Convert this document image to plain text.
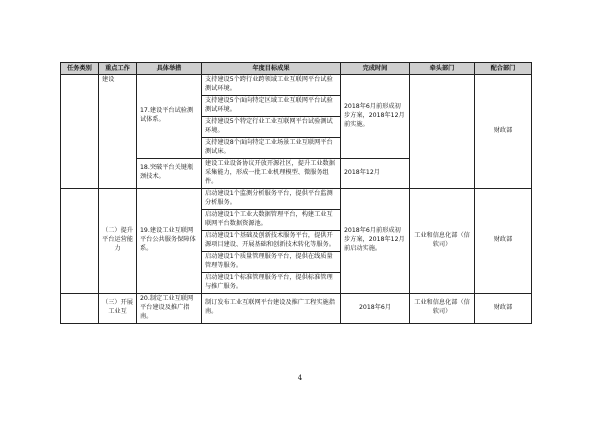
任务类别	重点工作	具体举措	年度目标成果	完成时间	牵头部门	配合部门
	建设	17.建设平台试验测试体系。	支持建设5个跨行业跨领域工业互联网平台试验测试环境。	2018年6月前形成初步方案，2018年12月前实施。		财政部
			支持建设5个面向特定区域工业互联网平台试验测试环境。			
			支持建设5个特定行业工业互联网平台试验测试环境。			
			支持建设8个面向特定工业场景工业互联网平台测试床。			
		18.突破平台关键瓶颈技术。	建设工业设备协议开放开源社区，提升工业数据采集能力，形成一批工业机理模型、微服务组件。	2018年12月		
	（二）提升平台运营能力	19.建设工业互联网平台公共服务保障体系。	启动建设1个监测分析服务平台，提供平台监测分析服务。	2018年6月前形成初步方案，2018年12月前启动实施。	工业和信息化部（信软司）	财政部
			启动建设1个工业大数据管理平台，构建工业互联网平台数据资源池。			
			启动建设1个基础及创新技术服务平台，提供开源项目建设、开展基础和创新技术转化等服务。			
			启动建设1个质量管理服务平台，提供在线质量管理等服务。			
			启动建设1个标准管理服务平台，提供标准管理与推广服务。			
	（三）开展工业互	20.制定工业互联网平台建设及推广指南。	制订发布工业互联网平台建设及推广工程实施指南。	2018年6月	工业和信息化部（信软司）	财政部
4
